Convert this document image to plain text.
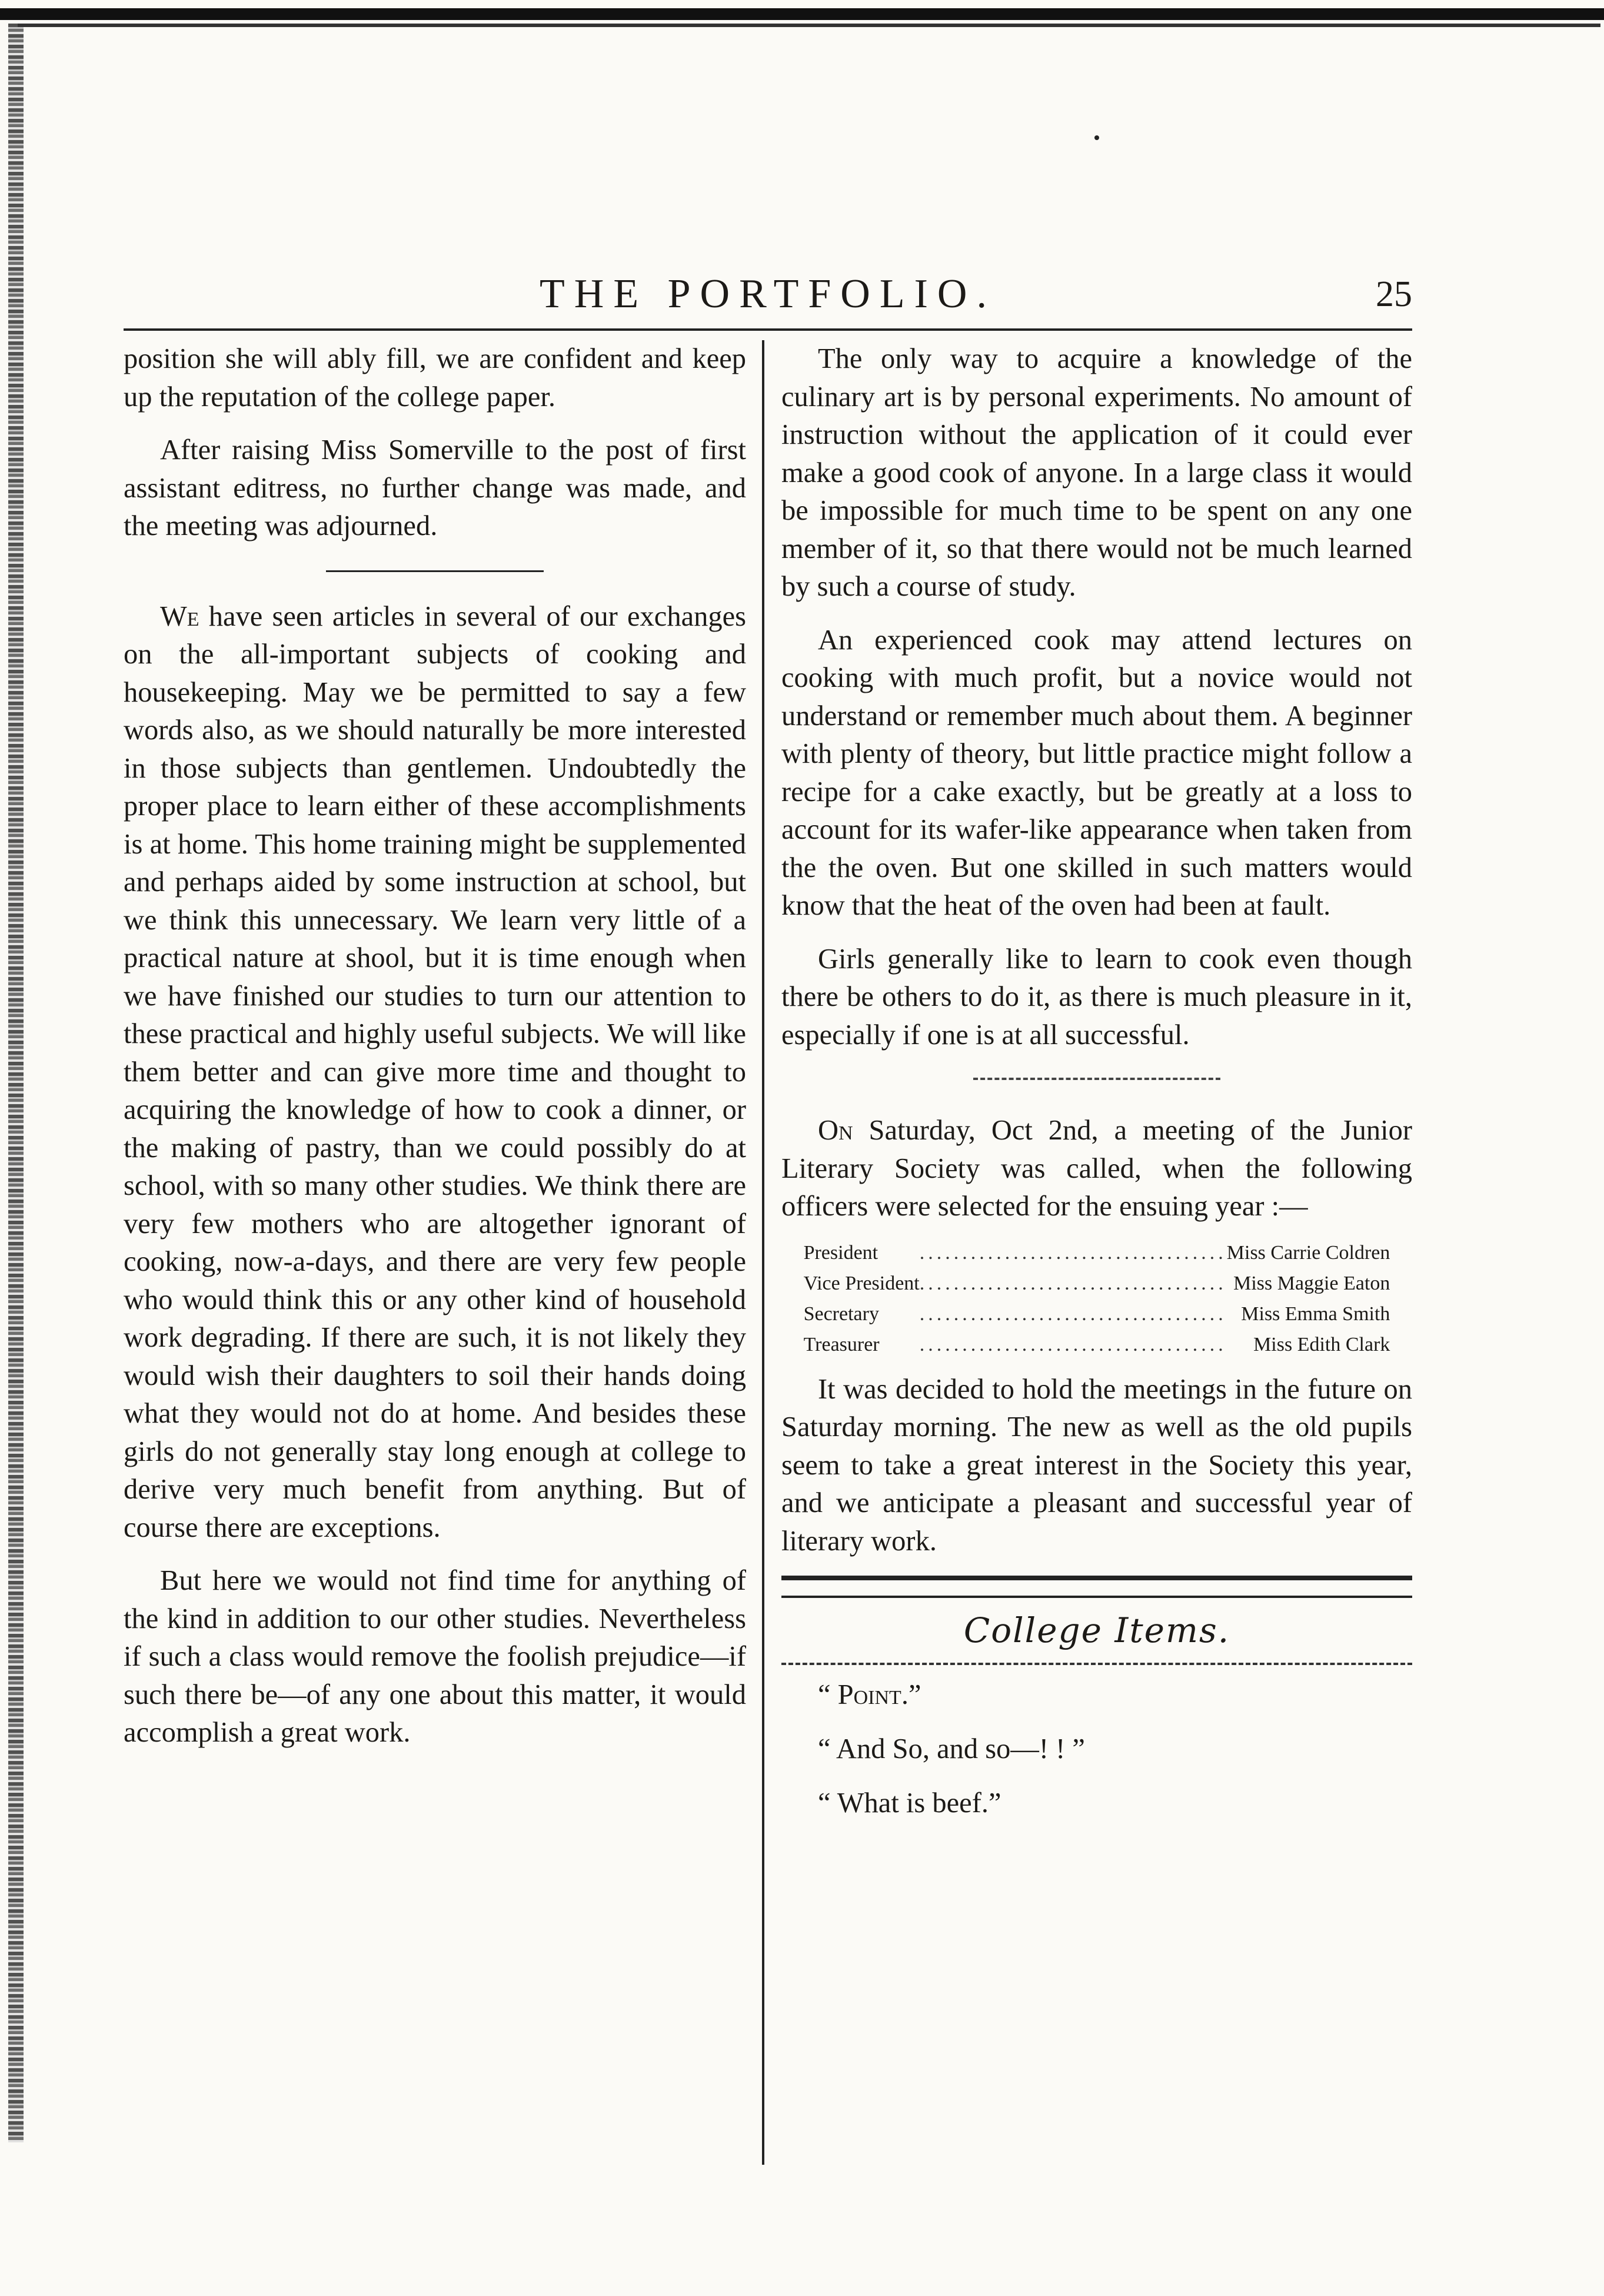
THE PORTFOLIO.	25

position she will ably fill, we are confident and keep up the reputation of the college paper.

After raising Miss Somerville to the post of first assistant editress, no further change was made, and the meeting was adjourned.

We have seen articles in several of our exchanges on the all-important subjects of cooking and housekeeping. May we be permitted to say a few words also, as we should naturally be more interested in those subjects than gentlemen. Undoubtedly the proper place to learn either of these accomplishments is at home. This home training might be supplemented and perhaps aided by some instruction at school, but we think this unnecessary. We learn very little of a practical nature at shool, but it is time enough when we have finished our studies to turn our attention to these practical and highly useful subjects. We will like them better and can give more time and thought to acquiring the knowledge of how to cook a dinner, or the making of pastry, than we could possibly do at school, with so many other studies. We think there are very few mothers who are altogether ignorant of cooking, now-a-days, and there are very few people who would think this or any other kind of household work degrading. If there are such, it is not likely they would wish their daughters to soil their hands doing what they would not do at home. And besides these girls do not generally stay long enough at college to derive very much benefit from anything. But of course there are exceptions.

But here we would not find time for anything of the kind in addition to our other studies. Nevertheless if such a class would remove the foolish prejudice—if such there be—of any one about this matter, it would accomplish a great work.

The only way to acquire a knowledge of the culinary art is by personal experiments. No amount of instruction without the application of it could ever make a good cook of anyone. In a large class it would be impossible for much time to be spent on any one member of it, so that there would not be much learned by such a course of study.

An experienced cook may attend lectures on cooking with much profit, but a novice would not understand or remember much about them. A beginner with plenty of theory, but little practice might follow a recipe for a cake exactly, but be greatly at a loss to account for its wafer-like appearance when taken from the the oven. But one skilled in such matters would know that the heat of the oven had been at fault.

Girls generally like to learn to cook even though there be others to do it, as there is much pleasure in it, especially if one is at all successful.

On Saturday, Oct 2nd, a meeting of the Junior Literary Society was called, when the following officers were selected for the ensuing year :—

President	....................................	Miss Carrie Coldren
Vice President	....................................	Miss Maggie Eaton
Secretary	....................................	Miss Emma Smith
Treasurer	....................................	Miss Edith Clark

It was decided to hold the meetings in the future on Saturday morning. The new as well as the old pupils seem to take a great interest in the Society this year, and we anticipate a pleasant and successful year of literary work.

College Items.

“ Point.”

“ And So, and so—! ! ”

“ What is beef.”
